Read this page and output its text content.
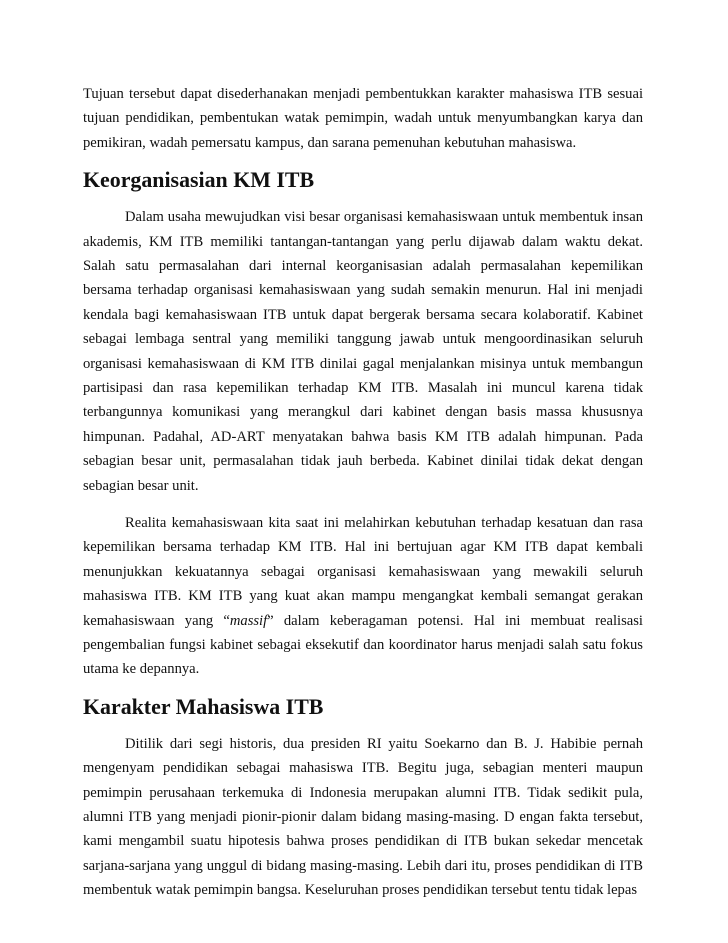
Tujuan tersebut dapat disederhanakan menjadi pembentukkan karakter mahasiswa ITB sesuai tujuan pendidikan, pembentukan watak pemimpin, wadah untuk menyumbangkan karya dan pemikiran, wadah pemersatu kampus, dan sarana pemenuhan kebutuhan mahasiswa.

Keorganisasian KM ITB

Dalam usaha mewujudkan visi besar organisasi kemahasiswaan untuk membentuk insan akademis, KM ITB memiliki tantangan-tantangan yang perlu dijawab dalam waktu dekat. Salah satu permasalahan dari internal keorganisasian adalah permasalahan kepemilikan bersama terhadap organisasi kemahasiswaan yang sudah semakin menurun. Hal ini menjadi kendala bagi kemahasiswaan ITB untuk dapat bergerak bersama secara kolaboratif. Kabinet sebagai lembaga sentral yang memiliki tanggung jawab untuk mengoordinasikan seluruh organisasi kemahasiswaan di KM ITB dinilai gagal menjalankan misinya untuk membangun partisipasi dan rasa kepemilikan terhadap KM ITB. Masalah ini muncul karena tidak terbangunnya komunikasi yang merangkul dari kabinet dengan basis massa khususnya himpunan. Padahal, AD-ART menyatakan bahwa basis KM ITB adalah himpunan. Pada sebagian besar unit, permasalahan tidak jauh berbeda. Kabinet dinilai tidak dekat dengan sebagian besar unit.

Realita kemahasiswaan kita saat ini melahirkan kebutuhan terhadap kesatuan dan rasa kepemilikan bersama terhadap KM ITB. Hal ini bertujuan agar KM ITB dapat kembali menunjukkan kekuatannya sebagai organisasi kemahasiswaan yang mewakili seluruh mahasiswa ITB. KM ITB yang kuat akan mampu mengangkat kembali semangat gerakan kemahasiswaan yang “massif” dalam keberagaman potensi. Hal ini membuat realisasi pengembalian fungsi kabinet sebagai eksekutif dan koordinator harus menjadi salah satu fokus utama ke depannya.

Karakter Mahasiswa ITB

Ditilik dari segi historis, dua presiden RI yaitu Soekarno dan B. J. Habibie pernah mengenyam pendidikan sebagai mahasiswa ITB. Begitu juga, sebagian menteri maupun pemimpin perusahaan terkemuka di Indonesia merupakan alumni ITB. Tidak sedikit pula, alumni ITB yang menjadi pionir-pionir dalam bidang masing-masing. D engan fakta tersebut, kami mengambil suatu hipotesis bahwa proses pendidikan di ITB bukan sekedar mencetak sarjana-sarjana yang unggul di bidang masing-masing. Lebih dari itu, proses pendidikan di ITB membentuk watak pemimpin bangsa. Keseluruhan proses pendidikan tersebut tentu tidak lepas
